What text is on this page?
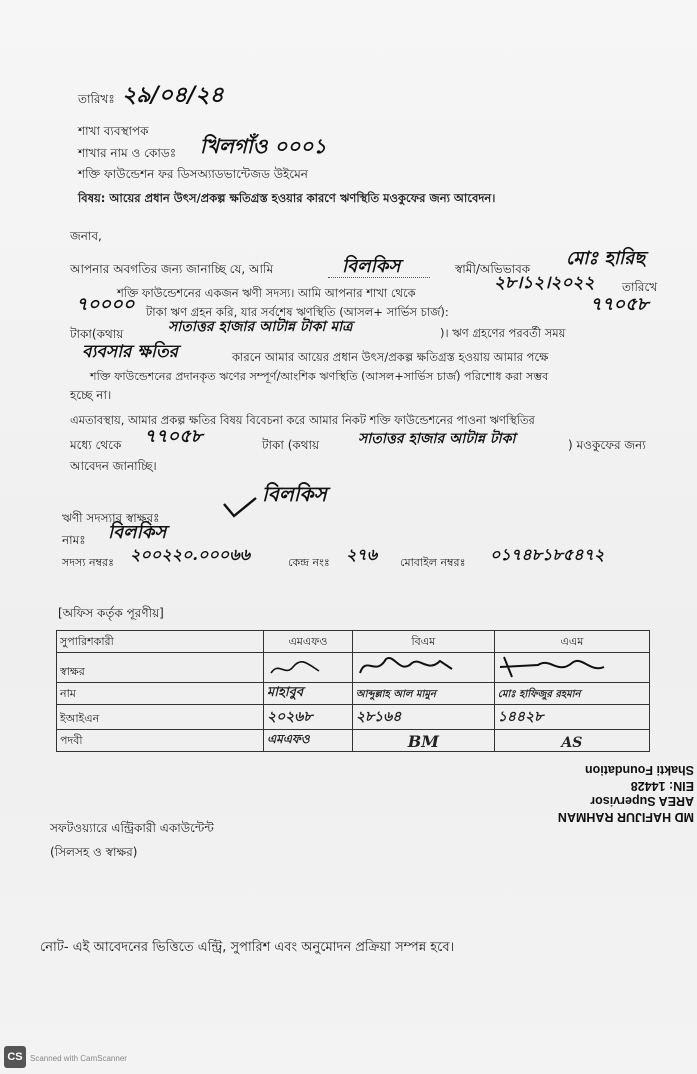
তারিখঃ ২৯/০৪/২৪
শাখা ব্যবস্থাপক
শাখার নাম ও কোডঃ খিলগাঁও ০০০১
শক্তি ফাউন্ডেশন ফর ডিসঅ্যাডভান্টেজড উইমেন
বিষয়: আয়ের প্রধান উৎস/প্রকল্প ক্ষতিগ্রস্ত হওয়ার কারণে ঋণস্থিতি মওকুফের জন্য আবেদন।
জনাব,
আপনার অবগতির জন্য জানাচ্ছি যে, আমি	বিলকিস	স্বামী/অভিভাবক মোঃ হারিছ
২৮।১২।২০২২
শক্তি ফাউন্ডেশনের একজন ঋণী সদস্য। আমি আপনার শাখা থেকে	তারিখে
৭০০০০ টাকা ঋণ গ্রহন করি, যার সর্বশেষ ঋণস্থিতি (আসল+ সার্ভিস চার্জ):	৭৭০৫৮
টাকা(কথায়	সাতাত্তর হাজার আটান্ন টাকা মাত্র	)। ঋণ গ্রহণের পরবর্তী সময়
ব্যবসার ক্ষতির	কারনে আমার আয়ের প্রধান উৎস/প্রকল্প ক্ষতিগ্রস্ত হওয়ায় আমার পক্ষে
শক্তি ফাউন্ডেশনের প্রদানকৃত ঋণের সম্পূর্ণ/আংশিক ঋণস্থিতি (আসল+সার্ভিস চার্জ) পরিশোধ করা সম্ভব
হচ্ছে না।
এমতাবস্থায়, আমার প্রকল্প ক্ষতির বিষয় বিবেচনা করে আমার নিকট শক্তি ফাউন্ডেশনের পাওনা ঋণস্থিতির
মধ্যে থেকে ৭৭০৫৮	টাকা (কথায়	সাতাত্তর হাজার আটান্ন টাকা	) মওকুফের জন্য
আবেদন জানাচ্ছি।
বিলকিস
ঋণী সদস্যার স্বাক্ষরঃ
নামঃ বিলকিস
সদস্য নম্বরঃ ২০০২২০.০০০৬৬	কেন্দ্র নংঃ ২৭৬ মোবাইল নম্বরঃ ০১৭৪৮১৮৫৪৭২
[অফিস কর্তৃক পূরণীয়]
সুপারিশকারী	এমএফও	বিএম	এএম
স্বাক্ষর			
নাম	মাহাবুব	আব্দুল্লাহ আল মামুন	মোঃ হাফিজুর রহমান
ইআইএন	২০২৬৮	২৮১৬৪	১৪৪২৮
পদবী	এমএফও	BM	AS
MD HAFIJUR RAHMAN
AREA Supervisor
EIN: 14428
Shakti Foundation
সফটওয়্যারে এন্ট্রিকারী একাউন্টেন্ট
(সিলসহ ও স্বাক্ষর)
নোট- এই আবেদনের ভিত্তিতে এন্ট্রি, সুপারিশ এবং অনুমোদন প্রক্রিয়া সম্পন্ন হবে।
CS Scanned with CamScanner
